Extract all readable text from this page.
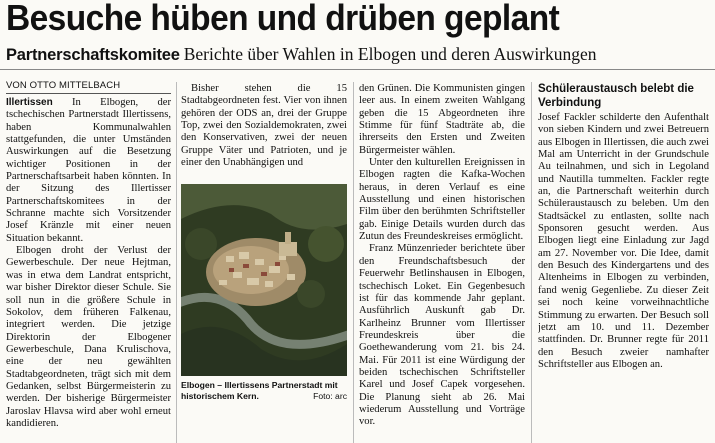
Besuche hüben und drüben geplant
Partnerschaftskomitee Berichte über Wahlen in Elbogen und deren Auswirkungen
VON OTTO MITTELBACH

Illertissen In Elbogen, der tschechischen Partnerstadt Illertissens, haben Kommunalwahlen stattgefunden, die unter Umständen Auswirkungen auf die Besetzung wichtiger Positionen in der Partnerschaftsarbeit haben könnten. In der Sitzung des Illertisser Partnerschaftskomitees in der Schranne machte sich Vorsitzender Josef Kränzle mit einer neuen Situation bekannt.

Elbogen droht der Verlust der Gewerbeschule. Der neue Hejtman, was in etwa dem Landrat entspricht, war bisher Direktor dieser Schule. Sie soll nun in die größere Schule in Sokolov, dem früheren Falkenau, integriert werden. Die jetzige Direktorin der Elbogener Gewerbeschule, Dana Krulischova, eine der neu gewählten Stadtabgeordneten, trägt sich mit dem Gedanken, selbst Bürgermeisterin zu werden. Der bisherige Bürgermeister Jaroslav Hlavsa wird aber wohl erneut kandidieren.

Bisher stehen die 15 Stadtabgeordneten fest. Vier von ihnen gehören der ODS an, drei der Gruppe Top, zwei den Sozialdemokraten, zwei den Konservativen, zwei der neuen Gruppe Väter und Patrioten, und je einer den Unabhängigen und

Elbogen – Illertissens Partnerstadt mit historischem Kern.	Foto: arc

den Grünen. Die Kommunisten gingen leer aus. In einem zweiten Wahlgang geben die 15 Abgeordneten ihre Stimme für fünf Stadträte ab, die ihrerseits den Ersten und Zweiten Bürgermeister wählen.

Unter den kulturellen Ereignissen in Elbogen ragten die Kafka-Wochen heraus, in deren Verlauf es eine Ausstellung und einen historischen Film über den berühmten Schriftsteller gab. Einige Details wurden durch das Zutun des Freundeskreises ermöglicht.

Franz Münzenrieder berichtete über den Freundschaftsbesuch der Feuerwehr Betlinshausen in Elbogen, tschechisch Loket. Ein Gegenbesuch ist für das kommende Jahr geplant. Ausführlich Auskunft gab Dr. Karlheinz Brunner vom Illertisser Freundeskreis über die Goethewanderung vom 21. bis 24. Mai. Für 2011 ist eine Würdigung der beiden tschechischen Schriftsteller Karel und Josef Capek vorgesehen. Die Planung sieht ab 26. Mai wiederum Ausstellung und Vorträge vor.

Schüleraustausch belebt die Verbindung

Josef Fackler schilderte den Aufenthalt von sieben Kindern und zwei Betreuern aus Elbogen in Illertissen, die auch zwei Mal am Unterricht in der Grundschule Au teilnahmen, und sich in Legoland und Nautilla tummelten. Fackler regte an, die Partnerschaft weiterhin durch Schüleraustausch zu beleben. Um den Stadtsäckel zu entlasten, sollte nach Sponsoren gesucht werden. Aus Elbogen liegt eine Einladung zur Jagd am 27. November vor. Die Idee, damit den Besuch des Kindergartens und des Altenheims in Elbogen zu verbinden, fand wenig Gegenliebe. Zu dieser Zeit sei noch keine vorweihnachtliche Stimmung zu erwarten. Der Besuch soll jetzt am 10. und 11. Dezember stattfinden. Dr. Brunner regte für 2011 den Besuch zweier namhafter Schriftsteller aus Elbogen an.
